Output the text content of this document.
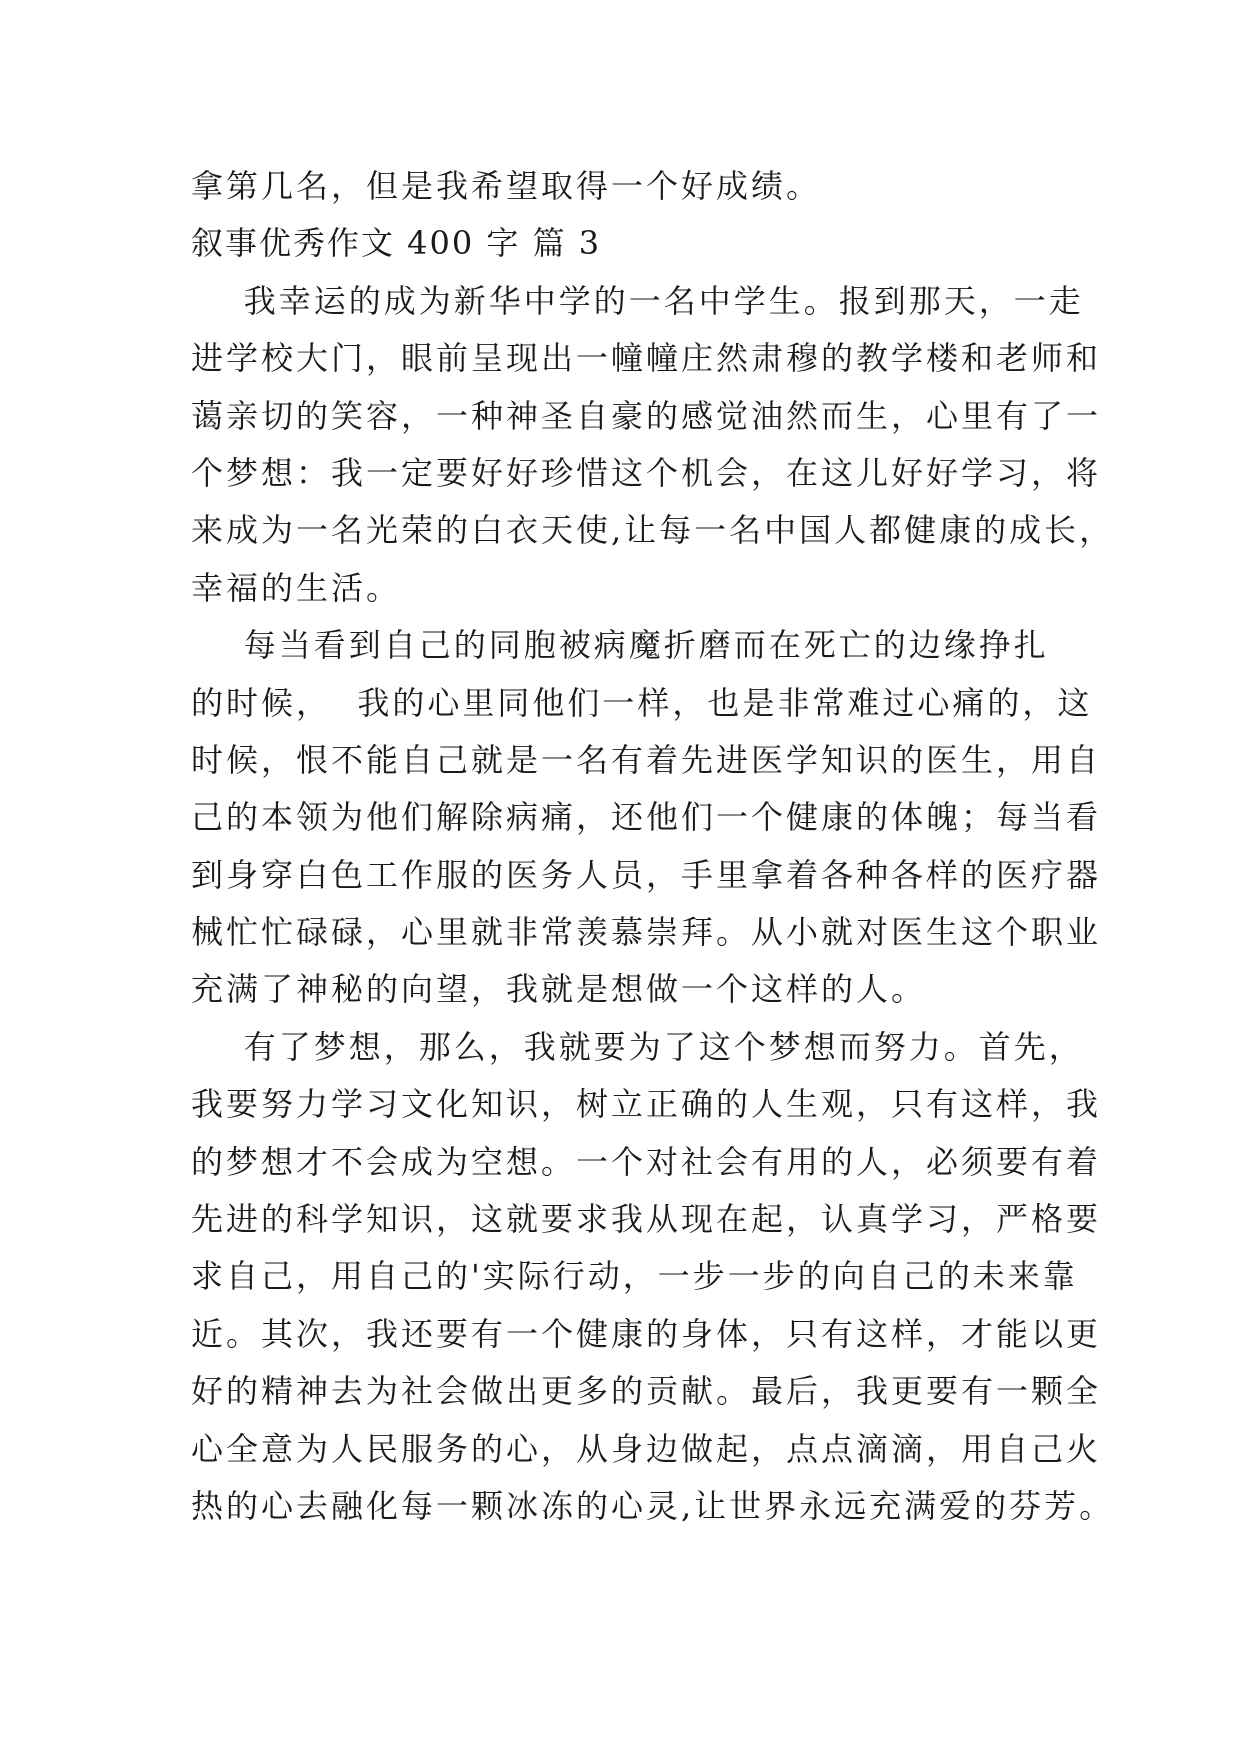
拿第几名，但是我希望取得一个好成绩。
叙事优秀作文 400 字 篇 3
我幸运的成为新华中学的一名中学生。报到那天，一走
进学校大门，眼前呈现出一幢幢庄然肃穆的教学楼和老师和
蔼亲切的笑容，一种神圣自豪的感觉油然而生，心里有了一
个梦想：我一定要好好珍惜这个机会，在这儿好好学习，将
来成为一名光荣的白衣天使,让每一名中国人都健康的成长，
幸福的生活。
每当看到自己的同胞被病魔折磨而在死亡的边缘挣扎
的时候，  我的心里同他们一样，也是非常难过心痛的，这
时候，恨不能自己就是一名有着先进医学知识的医生，用自
己的本领为他们解除病痛，还他们一个健康的体魄；每当看
到身穿白色工作服的医务人员，手里拿着各种各样的医疗器
械忙忙碌碌，心里就非常羡慕崇拜。从小就对医生这个职业
充满了神秘的向望，我就是想做一个这样的人。
有了梦想，那么，我就要为了这个梦想而努力。首先，
我要努力学习文化知识，树立正确的人生观，只有这样，我
的梦想才不会成为空想。一个对社会有用的人，必须要有着
先进的科学知识，这就要求我从现在起，认真学习，严格要
求自己，用自己的'实际行动，一步一步的向自己的未来靠
近。其次，我还要有一个健康的身体，只有这样，才能以更
好的精神去为社会做出更多的贡献。最后，我更要有一颗全
心全意为人民服务的心，从身边做起，点点滴滴，用自己火
热的心去融化每一颗冰冻的心灵,让世界永远充满爱的芬芳。
